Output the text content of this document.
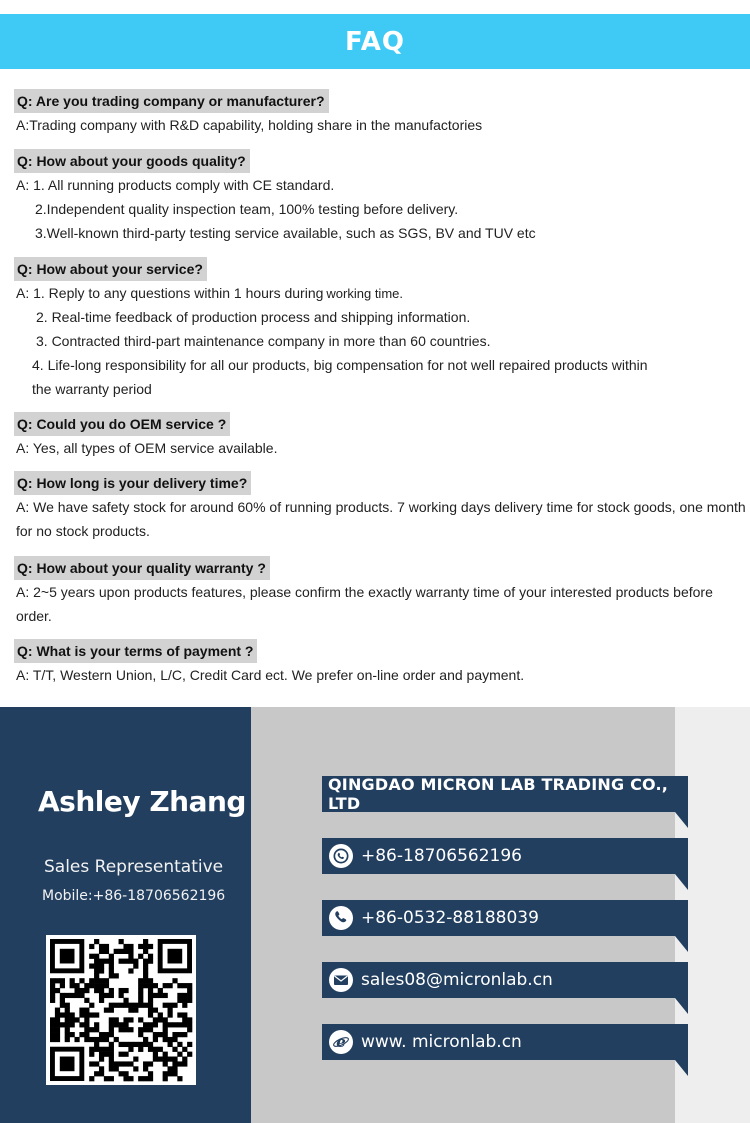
FAQ
Q: Are you trading company or manufacturer?
A:Trading company with R&D capability, holding share in the manufactories
Q: How about your goods quality?
A: 1. All running products comply with CE standard.
2.Independent quality inspection team, 100% testing before delivery.
3.Well-known third-party testing service available, such as SGS, BV and TUV etc
Q: How about your service?
A: 1. Reply to any questions within 1 hours during working time.
2. Real-time feedback of production process and shipping information.
3. Contracted third-part maintenance company in more than 60 countries.
4. Life-long responsibility for all our products, big compensation for not well repaired products within
the warranty period
Q: Could you do OEM service ?
A: Yes, all types of OEM service available.
Q: How long is your delivery time?
A: We have safety stock for around 60% of running products. 7 working days delivery time for stock goods, one month for no stock products.
Q: How about your quality warranty ?
A: 2~5 years upon products features, please confirm the exactly warranty time of your interested products before order.
Q: What is your terms of payment ?
A: T/T, Western Union, L/C, Credit Card ect. We prefer on-line order and payment.
Ashley Zhang
Sales Representative
Mobile:+86-18706562196
QINGDAO MICRON LAB TRADING CO., LTD
+86-18706562196
+86-0532-88188039
sales08@micronlab.cn
e www. micronlab.cn
